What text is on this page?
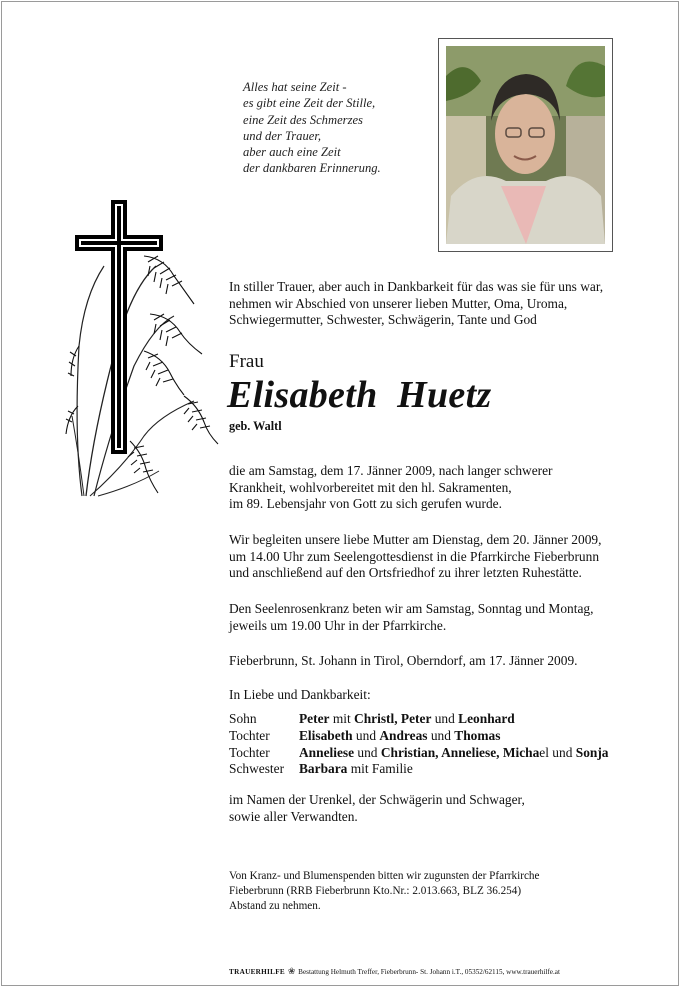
Alles hat seine Zeit -
es gibt eine Zeit der Stille,
eine Zeit des Schmerzes
und der Trauer,
aber auch eine Zeit
der dankbaren Erinnerung.
In stiller Trauer, aber auch in Dankbarkeit für das was sie für uns war,
nehmen wir Abschied von unserer lieben Mutter, Oma, Uroma,
Schwiegermutter, Schwester, Schwägerin, Tante und God
Frau
Elisabeth  Huetz
geb. Waltl
die am Samstag, dem 17. Jänner 2009, nach langer schwerer
Krankheit, wohlvorbereitet mit den hl. Sakramenten,
im 89. Lebensjahr von Gott zu sich gerufen wurde.
Wir begleiten unsere liebe Mutter am Dienstag, dem 20. Jänner 2009,
um 14.00 Uhr zum Seelengottesdienst in die Pfarrkirche Fieberbrunn
und anschließend auf den Ortsfriedhof zu ihrer letzten Ruhestätte.
Den Seelenrosenkranz beten wir am Samstag, Sonntag und Montag,
jeweils um 19.00 Uhr in der Pfarrkirche.
Fieberbrunn, St. Johann in Tirol, Oberndorf, am 17. Jänner 2009.
In Liebe und Dankbarkeit:
Sohn	Peter mit Christl, Peter und Leonhard
Tochter Elisabeth und Andreas und Thomas
Tochter Anneliese und Christian, Anneliese, Michael und Sonja
Schwester Barbara mit Familie
im Namen der Urenkel, der Schwägerin und Schwager,
sowie aller Verwandten.
Von Kranz- und Blumenspenden bitten wir zugunsten der Pfarrkirche
Fieberbrunn (RRB Fieberbrunn Kto.Nr.: 2.013.663, BLZ 36.254)
Abstand zu nehmen.
TRAUERHILFE ❀ Bestattung Helmuth Treffer, Fieberbrunn- St. Johann i.T., 05352/62115, www.trauerhilfe.at
